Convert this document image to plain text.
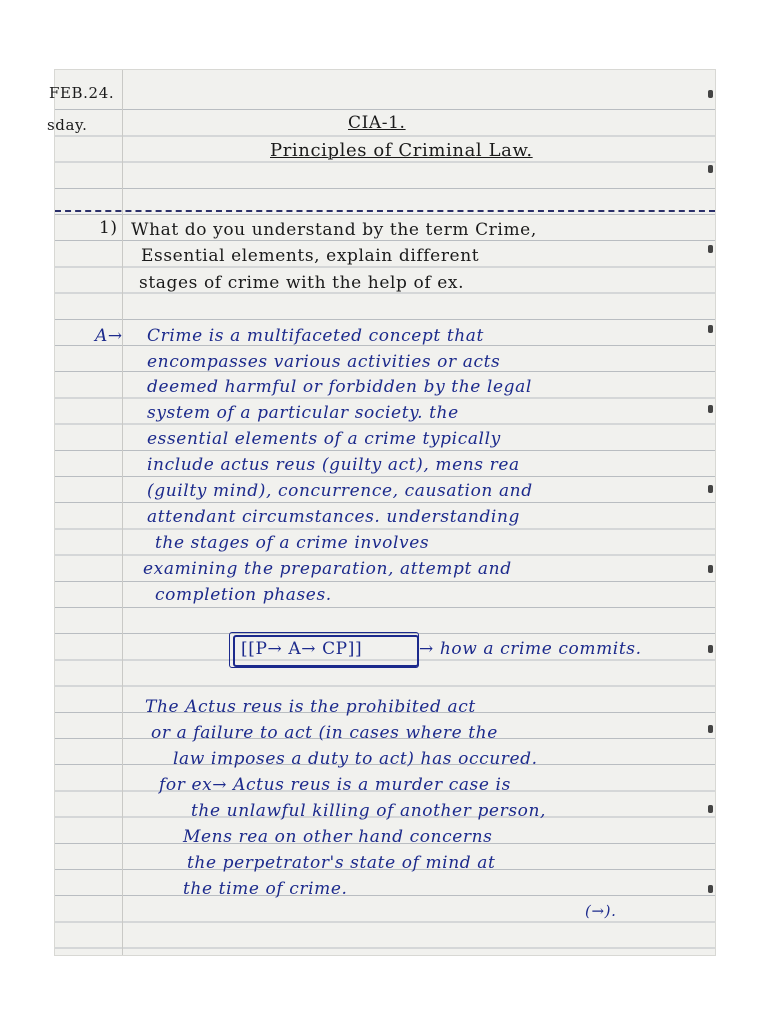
FEB.24.
sday.	CIA-1.
Principles of Criminal Law.
1) What do you understand by the term Crime,
Essential elements, explain different
stages of crime with the help of ex.
A→ Crime is a multifaceted concept that
encompasses various activities or acts
deemed harmful or forbidden by the legal
system of a particular society. the
essential elements of a crime typically
include actus reus (guilty act), mens rea
(guilty mind), concurrence, causation and
attendant circumstances. understanding
the stages of a crime involves
examining the preparation, attempt and
completion phases.
[[P→ A→ CP]]	→ how a crime commits.
The Actus reus is the prohibited act
or a failure to act (in cases where the
law imposes a duty to act) has occured.
for ex→ Actus reus is a murder case is
the unlawful killing of another person,
Mens rea on other hand concerns
the perpetrator's state of mind at
the time of crime.
(→).
